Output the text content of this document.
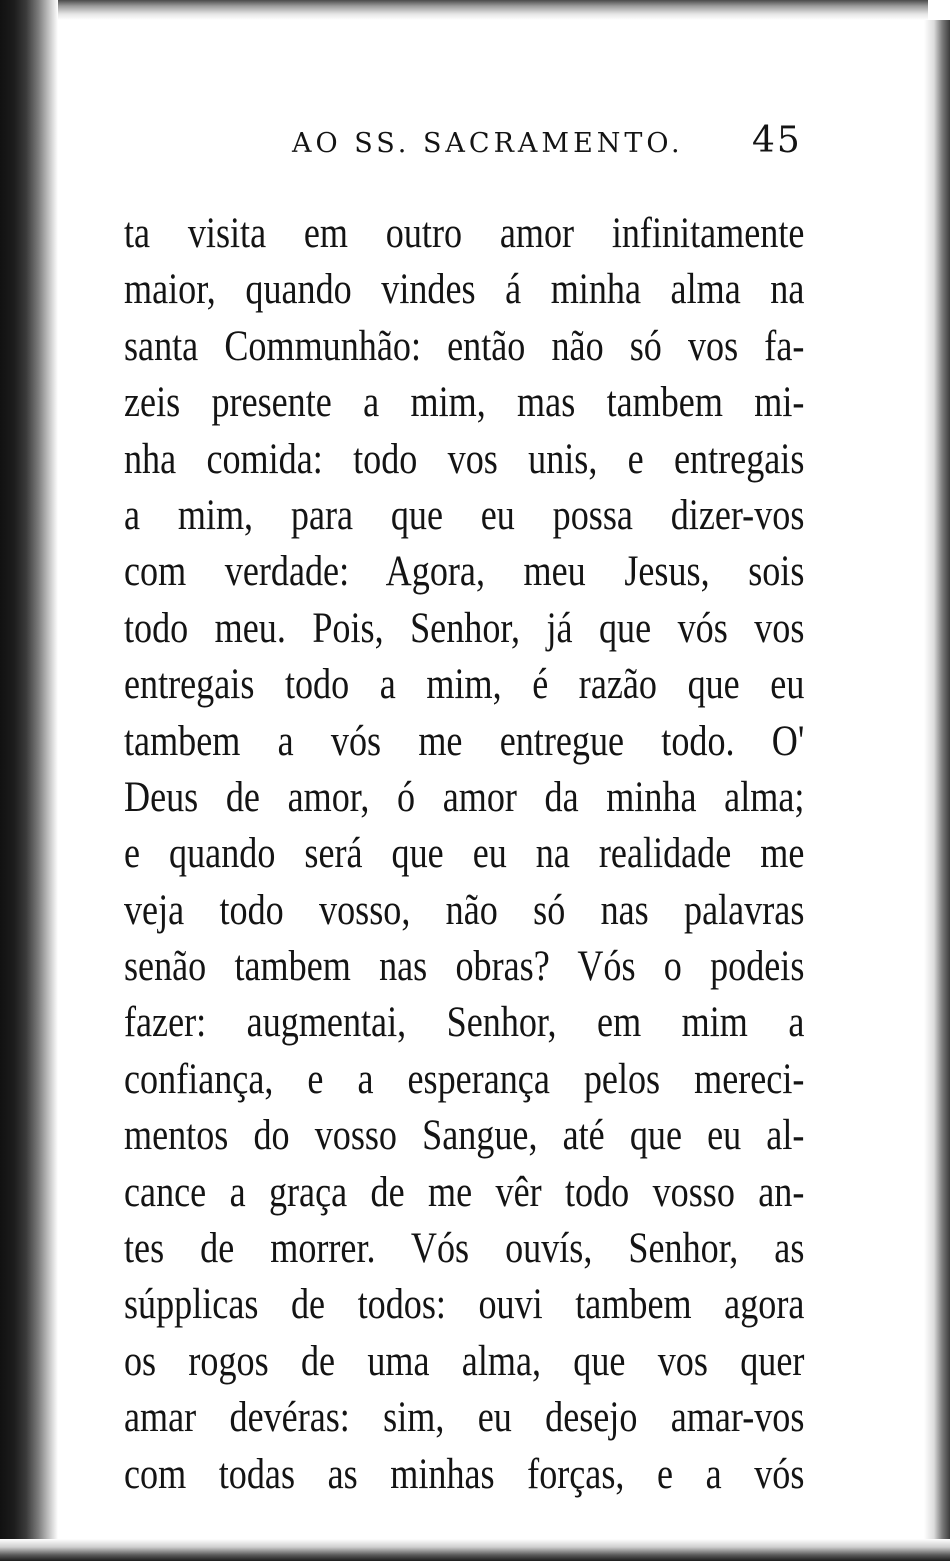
AO SS. SACRAMENTO. 45
ta visita em outro amor infinitamente
maior, quando vindes á minha alma na
santa Communhão: então não só vos fa-
zeis presente a mim, mas tambem mi-
nha comida: todo vos unis, e entregais
a mim, para que eu possa dizer-vos
com verdade: Agora, meu Jesus, sois
todo meu. Pois, Senhor, já que vós vos
entregais todo a mim, é razão que eu
tambem a vós me entregue todo. O'
Deus de amor, ó amor da minha alma;
e quando será que eu na realidade me
veja todo vosso, não só nas palavras
senão tambem nas obras? Vós o podeis
fazer: augmentai, Senhor, em mim a
confiança, e a esperança pelos mereci-
mentos do vosso Sangue, até que eu al-
cance a graça de me vêr todo vosso an-
tes de morrer. Vós ouvís, Senhor, as
súpplicas de todos: ouvi tambem agora
os rogos de uma alma, que vos quer
amar devéras: sim, eu desejo amar-vos
com todas as minhas forças, e a vós
